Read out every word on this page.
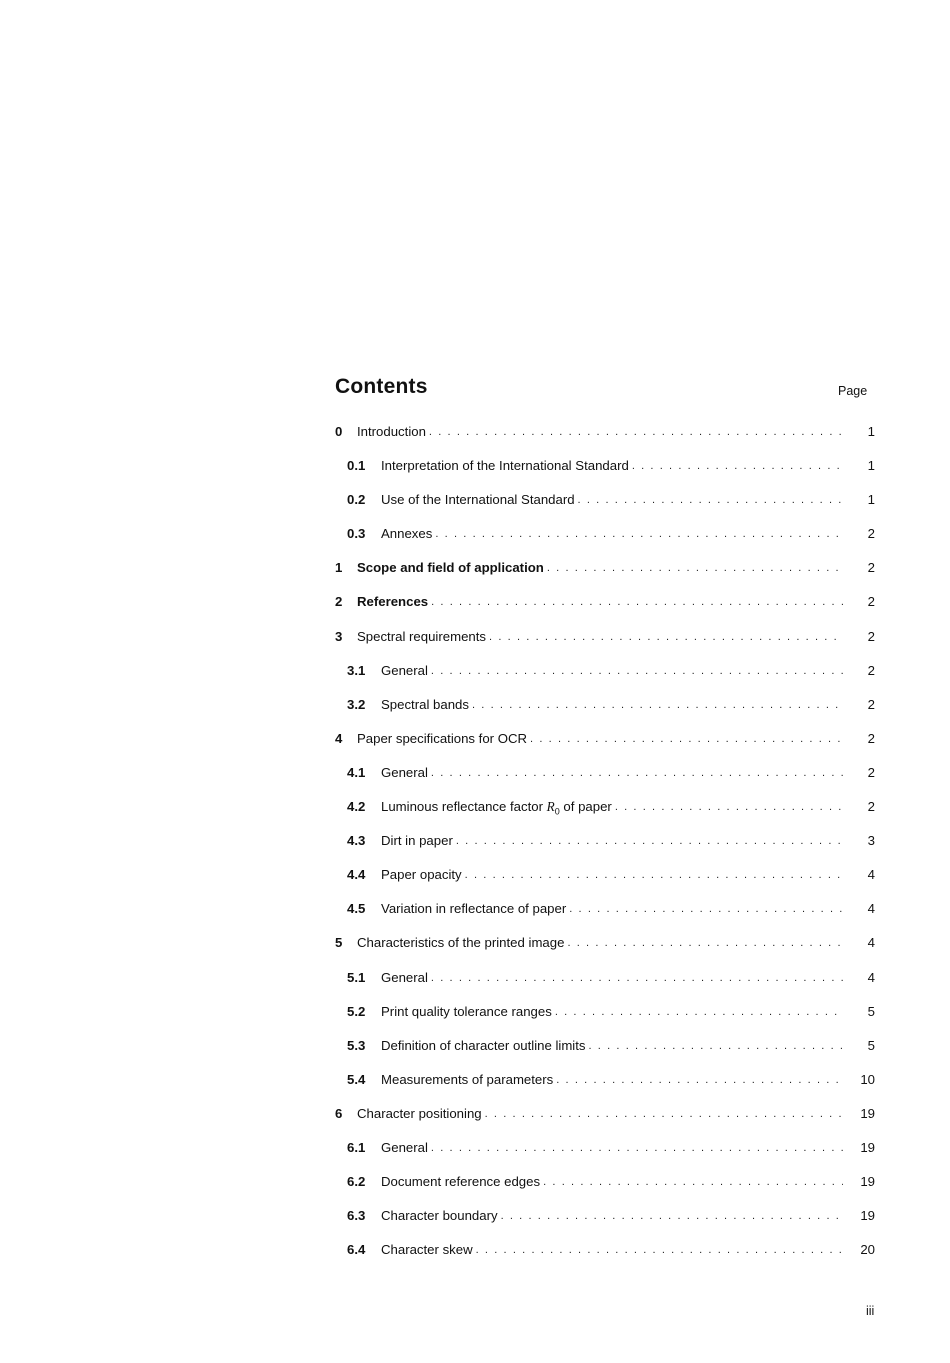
Contents	Page
0	Introduction . . .	1
0.1	Interpretation of the International Standard . . .	1
0.2	Use of the International Standard . . .	1
0.3	Annexes . . .	2
1	Scope and field of application . . .	2
2	References . . .	2
3	Spectral requirements . . .	2
3.1	General . . .	2
3.2	Spectral bands . . .	2
4	Paper specifications for OCR . . .	2
4.1	General . . .	2
4.2	Luminous reflectance factor $R_0$ of paper . . .	2
4.3	Dirt in paper . . .	3
4.4	Paper opacity . . .	4
4.5	Variation in reflectance of paper . . .	4
5	Characteristics of the printed image . . .	4
5.1	General . . .	4
5.2	Print quality tolerance ranges . . .	5
5.3	Definition of character outline limits . . .	5
5.4	Measurements of parameters . . .	10
6	Character positioning . . .	19
6.1	General . . .	19
6.2	Document reference edges . . .	19
6.3	Character boundary . . .	19
6.4	Character skew . . .	20
iii
